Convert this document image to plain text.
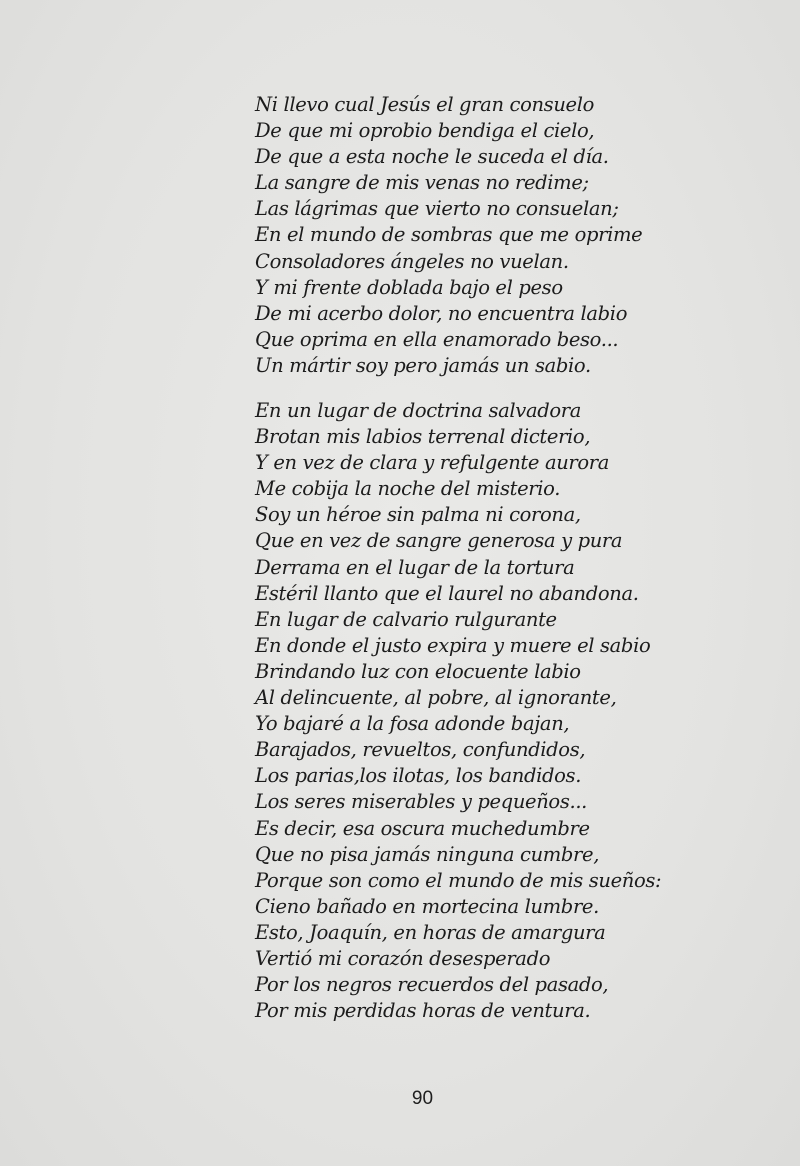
Ni llevo cual Jesús el gran consuelo
De que mi oprobio bendiga el cielo,
De que a esta noche le suceda el día.
La sangre de mis venas no redime;
Las lágrimas que vierto no consuelan;
En el mundo de sombras que me oprime
Consoladores ángeles no vuelan.
Y mi frente doblada bajo el peso
De mi acerbo dolor, no encuentra labio
Que oprima en ella enamorado beso...
Un mártir soy pero jamás un sabio.
En un lugar de doctrina salvadora
Brotan mis labios terrenal dicterio,
Y en vez de clara y refulgente aurora
Me cobija la noche del misterio.
Soy un héroe sin palma ni corona,
Que en vez de sangre generosa y pura
Derrama en el lugar de la tortura
Estéril llanto que el laurel no abandona.
En lugar de calvario rulgurante
En donde el justo expira y muere el sabio
Brindando luz con elocuente labio
Al delincuente, al pobre, al ignorante,
Yo bajaré a la fosa adonde bajan,
Barajados, revueltos, confundidos,
Los parias,los ilotas, los bandidos.
Los seres miserables y pequeños...
Es decir, esa oscura muchedumbre
Que no pisa jamás ninguna cumbre,
Porque son como el mundo de mis sueños:
Cieno bañado en mortecina lumbre.
Esto, Joaquín, en horas de amargura
Vertió mi corazón desesperado
Por los negros recuerdos del pasado,
Por mis perdidas horas de ventura.
90
